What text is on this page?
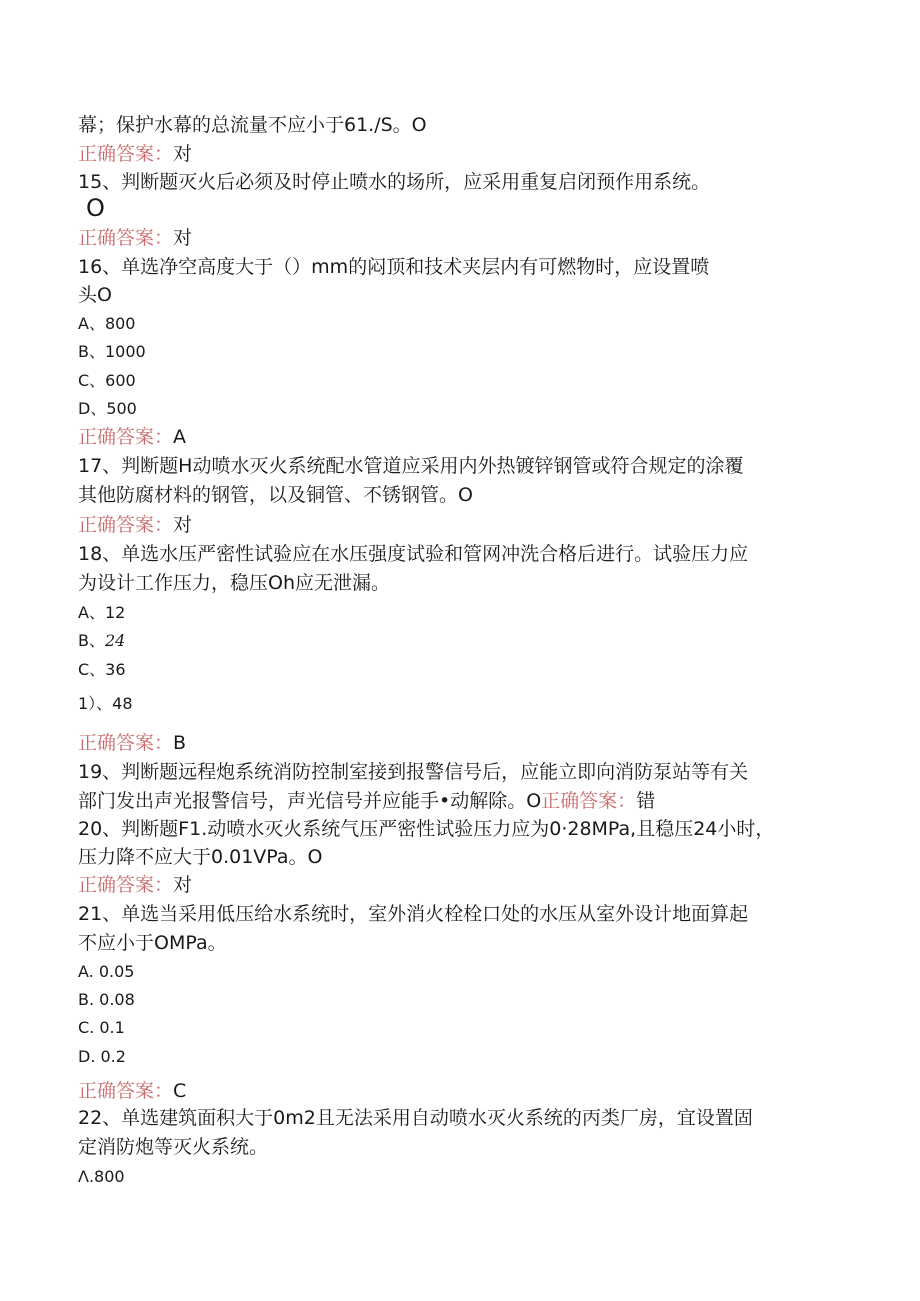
幕；保护水幕的总流量不应小于61./S。O
正确答案：对
15、判断题灭火后必须及时停止喷水的场所，应采用重复启闭预作用系统。
O
正确答案：对
16、单选净空高度大于（）mm的闷顶和技术夹层内有可燃物时，应设置喷
头O
A、800
B、1000
C、600
D、500
正确答案：A
17、判断题H动喷水灭火系统配水管道应采用内外热镀锌钢管或符合规定的涂覆
其他防腐材料的钢管，以及铜管、不锈钢管。O
正确答案：对
18、单选水压严密性试验应在水压强度试验和管网冲洗合格后进行。试验压力应
为设计工作压力，稳压Oh应无泄漏。
A、12
B、24
C、36
1）、48
正确答案：B
19、判断题远程炮系统消防控制室接到报警信号后，应能立即向消防泵站等有关
部门发出声光报警信号，声光信号并应能手•动解除。O正确答案：错
20、判断题F1.动喷水灭火系统气压严密性试验压力应为0·28MPa,且稳压24小时，
压力降不应大于0.01VPa。O
正确答案：对
21、单选当采用低压给水系统时，室外消火栓栓口处的水压从室外设计地面算起
不应小于OMPa。
A. 0.05
B. 0.08
C. 0.1
D. 0.2
正确答案：C
22、单选建筑面积大于0m2且无法采用自动喷水灭火系统的丙类厂房，宜设置固
定消防炮等灭火系统。
Λ.800
